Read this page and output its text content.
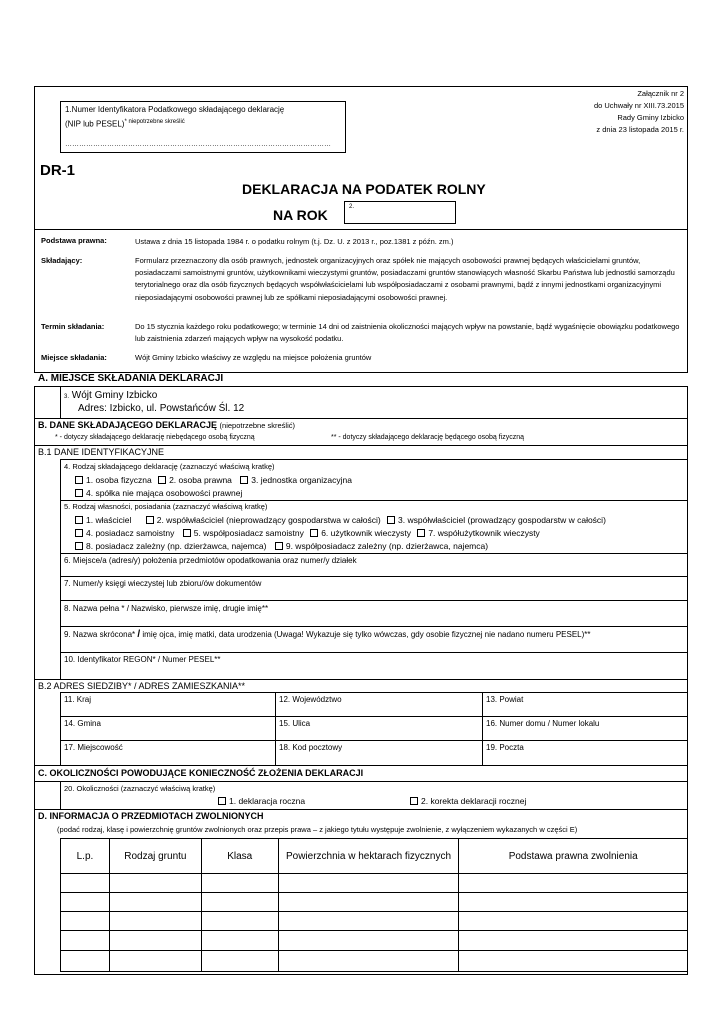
Załącznik nr 2
do Uchwały nr XIII.73.2015
Rady Gminy Izbicko
z dnia 23 listopada 2015 r.
1.Numer Identyfikatora Podatkowego składającego deklarację
(NIP lub PESEL)$^{* niepotrzebne skreślić}$
……………………………………………………………………………………………………
DR-1
DEKLARACJA NA PODATEK ROLNY
NA ROK	2.
Podstawa prawna:	Ustawa z dnia 15 listopada 1984 r. o podatku rolnym (t.j. Dz. U. z 2013 r., poz.1381 z późn. zm.)
Składający:	Formularz przeznaczony dla osób prawnych, jednostek organizacyjnych oraz spółek nie mających osobowości prawnej będących właścicielami gruntów, posiadaczami samoistnymi gruntów, użytkownikami wieczystymi gruntów, posiadaczami gruntów stanowiących własność Skarbu Państwa lub jednostki samorządu terytorialnego oraz dla osób fizycznych będących współwłaścicielami lub współposiadaczami z osobami prawnymi, bądź z innymi jednostkami organizacyjnymi nieposiadającymi osobowości prawnej lub ze spółkami nieposiadającymi osobowości prawnej.
Termin składania:	Do 15 stycznia każdego roku podatkowego; w terminie 14 dni od zaistnienia okoliczności mających wpływ na powstanie, bądź wygaśnięcie obowiązku podatkowego lub zaistnienia zdarzeń mających wpływ na wysokość podatku.
Miejsce składania:	Wójt Gminy Izbicko właściwy ze względu na miejsce położenia gruntów
A. MIEJSCE SKŁADANIA DEKLARACJI
3. Wójt Gminy Izbicko
Adres: Izbicko, ul. Powstańców Śl. 12
B. DANE SKŁADAJĄCEGO DEKLARACJĘ (niepotrzebne skreślić)
* - dotyczy składającego deklarację niebędącego osobą fizyczną	** - dotyczy składającego deklarację będącego osobą fizyczną
B.1 DANE IDENTYFIKACYJNE
4. Rodzaj składającego deklarację (zaznaczyć właściwą kratkę)
1. osoba fizyczna 2. osoba prawna 3. jednostka organizacyjna
4. spółka nie mająca osobowości prawnej
5. Rodzaj własności, posiadania (zaznaczyć właściwą kratkę)
1. właściciel	2. współwłaściciel (nieprowadzący gospodarstwa w całości) 3. współwłaściciel (prowadzący gospodarstw w całości)
4. posiadacz samoistny 5. współposiadacz samoistny 6. użytkownik wieczysty 7. współużytkownik wieczysty
8. posiadacz zależny (np. dzierżawca, najemca) 9. współposiadacz zależny (np. dzierżawca, najemca)
6. Miejsce/a (adres/y) położenia przedmiotów opodatkowania oraz numer/y działek
7. Numer/y księgi wieczystej lub zbioru/ów dokumentów
8. Nazwa pełna * / Nazwisko, pierwsze imię, drugie imię**
9. Nazwa skrócona* / imię ojca, imię matki, data urodzenia (Uwaga! Wykazuje się tylko wówczas, gdy osobie fizycznej nie nadano numeru PESEL)**
10. Identyfikator REGON* / Numer PESEL**
B.2 ADRES SIEDZIBY* / ADRES ZAMIESZKANIA**
11. Kraj	12. Województwo	13. Powiat
14. Gmina	15. Ulica	16. Numer domu / Numer lokalu
17. Miejscowość	18. Kod pocztowy	19. Poczta
C. OKOLICZNOŚCI POWODUJĄCE KONIECZNOŚĆ ZŁOŻENIA DEKLARACJI
20. Okoliczności (zaznaczyć właściwą kratkę)
1. deklaracja roczna	2. korekta deklaracji rocznej
D. INFORMACJA O PRZEDMIOTACH ZWOLNIONYCH
(podać rodzaj, klasę i powierzchnię gruntów zwolnionych oraz przepis prawa – z jakiego tytułu występuje zwolnienie, z wyłączeniem wykazanych w części E)
L.p.	Rodzaj gruntu	Klasa	Powierzchnia w hektarach fizycznych	Podstawa prawna zwolnienia
